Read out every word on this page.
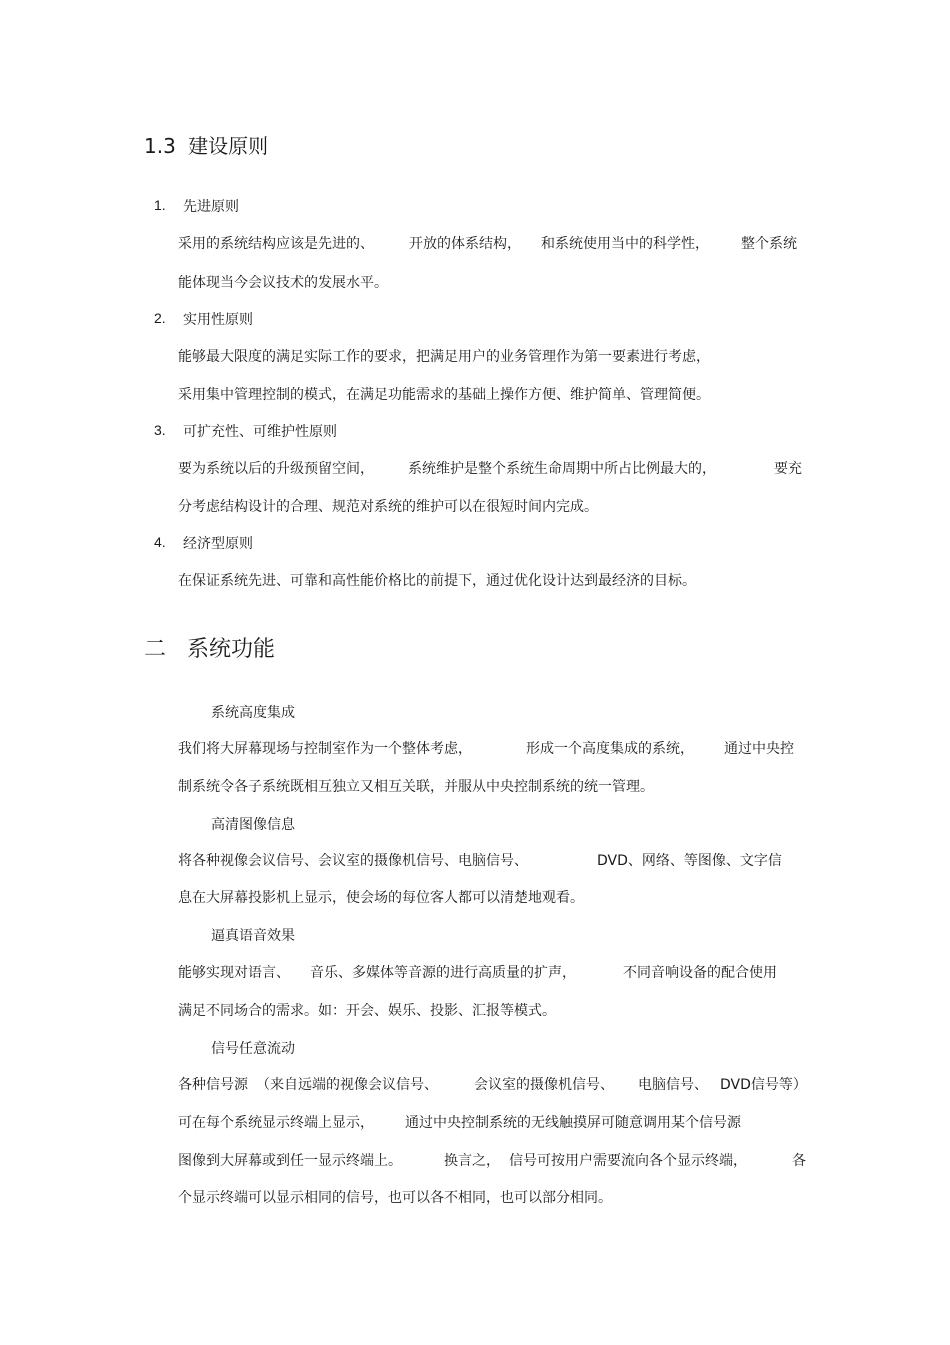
1.3 建设原则
1. 先进原则
采用的系统结构应该是先进的、	开放的体系结构， 和系统使用当中的科学性， 整个系统
能体现当今会议技术的发展水平。
2. 实用性原则
能够最大限度的满足实际工作的要求，把满足用户的业务管理作为第一要素进行考虑，
采用集中管理控制的模式，在满足功能需求的基础上操作方便、维护简单、管理简便。
3. 可扩充性、可维护性原则
要为系统以后的升级预留空间， 系统维护是整个系统生命周期中所占比例最大的，	要充
分考虑结构设计的合理、规范对系统的维护可以在很短时间内完成。
4. 经济型原则
在保证系统先进、可靠和高性能价格比的前提下，通过优化设计达到最经济的目标。
二 系统功能
系统高度集成
我们将大屏幕现场与控制室作为一个整体考虑，	形成一个高度集成的系统， 通过中央控
制系统令各子系统既相互独立又相互关联，并服从中央控制系统的统一管理。
高清图像信息
将各种视像会议信号、会议室的摄像机信号、电脑信号、	DVD、网络、等图像、文字信
息在大屏幕投影机上显示，使会场的每位客人都可以清楚地观看。
逼真语音效果
能够实现对语言、 音乐、多媒体等音源的进行高质量的扩声，	不同音响设备的配合使用
满足不同场合的需求。如：开会、娱乐、投影、汇报等模式。
信号任意流动
各种信号源 （来自远端的视像会议信号、	会议室的摄像机信号、 电脑信号、 DVD信号等）
可在每个系统显示终端上显示， 通过中央控制系统的无线触摸屏可随意调用某个信号源
图像到大屏幕或到任一显示终端上。	换言之， 信号可按用户需要流向各个显示终端，	各
个显示终端可以显示相同的信号，也可以各不相同，也可以部分相同。
